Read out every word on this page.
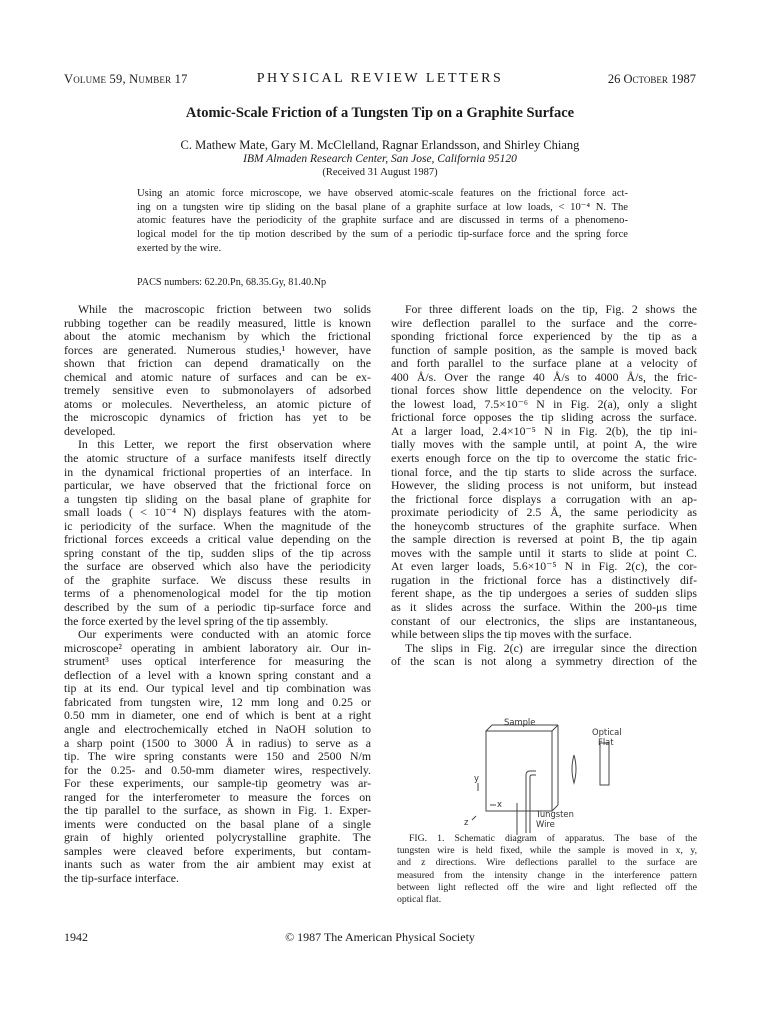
Volume 59, Number 17	PHYSICAL REVIEW LETTERS	26 October 1987
Atomic-Scale Friction of a Tungsten Tip on a Graphite Surface
C. Mathew Mate, Gary M. McClelland, Ragnar Erlandsson, and Shirley Chiang
IBM Almaden Research Center, San Jose, California 95120
(Received 31 August 1987)
Using an atomic force microscope, we have observed atomic-scale features on the frictional force act-
ing on a tungsten wire tip sliding on the basal plane of a graphite surface at low loads, < 10⁻⁴ N. The
atomic features have the periodicity of the graphite surface and are discussed in terms of a phenomeno-
logical model for the tip motion described by the sum of a periodic tip-surface force and the spring force
exerted by the wire.
PACS numbers: 62.20.Pn, 68.35.Gy, 81.40.Np
While the macroscopic friction between two solids
rubbing together can be readily measured, little is known
about the atomic mechanism by which the frictional
forces are generated. Numerous studies,¹ however, have
shown that friction can depend dramatically on the
chemical and atomic nature of surfaces and can be ex-
tremely sensitive even to submonolayers of adsorbed
atoms or molecules. Nevertheless, an atomic picture of
the microscopic dynamics of friction has yet to be
developed.
In this Letter, we report the first observation where
the atomic structure of a surface manifests itself directly
in the dynamical frictional properties of an interface. In
particular, we have observed that the frictional force on
a tungsten tip sliding on the basal plane of graphite for
small loads ( < 10⁻⁴ N) displays features with the atom-
ic periodicity of the surface. When the magnitude of the
frictional forces exceeds a critical value depending on the
spring constant of the tip, sudden slips of the tip across
the surface are observed which also have the periodicity
of the graphite surface. We discuss these results in
terms of a phenomenological model for the tip motion
described by the sum of a periodic tip-surface force and
the force exerted by the level spring of the tip assembly.
Our experiments were conducted with an atomic force
microscope² operating in ambient laboratory air. Our in-
strument³ uses optical interference for measuring the
deflection of a level with a known spring constant and a
tip at its end. Our typical level and tip combination was
fabricated from tungsten wire, 12 mm long and 0.25 or
0.50 mm in diameter, one end of which is bent at a right
angle and electrochemically etched in NaOH solution to
a sharp point (1500 to 3000 Å in radius) to serve as a
tip. The wire spring constants were 150 and 2500 N/m
for the 0.25- and 0.50-mm diameter wires, respectively.
For these experiments, our sample-tip geometry was ar-
ranged for the interferometer to measure the forces on
the tip parallel to the surface, as shown in Fig. 1. Exper-
iments were conducted on the basal plane of a single
grain of highly oriented polycrystalline graphite. The
samples were cleaved before experiments, but contam-
inants such as water from the air ambient may exist at
the tip-surface interface.
For three different loads on the tip, Fig. 2 shows the
wire deflection parallel to the surface and the corre-
sponding frictional force experienced by the tip as a
function of sample position, as the sample is moved back
and forth parallel to the surface plane at a velocity of
400 Å/s. Over the range 40 Å/s to 4000 Å/s, the fric-
tional forces show little dependence on the velocity. For
the lowest load, 7.5×10⁻⁶ N in Fig. 2(a), only a slight
frictional force opposes the tip sliding across the surface.
At a larger load, 2.4×10⁻⁵ N in Fig. 2(b), the tip ini-
tially moves with the sample until, at point A, the wire
exerts enough force on the tip to overcome the static fric-
tional force, and the tip starts to slide across the surface.
However, the sliding process is not uniform, but instead
the frictional force displays a corrugation with an ap-
proximate periodicity of 2.5 Å, the same periodicity as
the honeycomb structures of the graphite surface. When
the sample direction is reversed at point B, the tip again
moves with the sample until it starts to slide at point C.
At even larger loads, 5.6×10⁻⁵ N in Fig. 2(c), the cor-
rugation in the frictional force has a distinctively dif-
ferent shape, as the tip undergoes a series of sudden slips
as it slides across the surface. Within the 200-μs time
constant of our electronics, the slips are instantaneous,
while between slips the tip moves with the surface.
The slips in Fig. 2(c) are irregular since the direction
of the scan is not along a symmetry direction of the
Sample
Optical
Flat
Tungsten
Wire
y
x
z
FIG. 1. Schematic diagram of apparatus. The base of the
tungsten wire is held fixed, while the sample is moved in x, y,
and z directions. Wire deflections parallel to the surface are
measured from the intensity change in the interference pattern
between light reflected off the wire and light reflected off the
optical flat.
1942	© 1987 The American Physical Society
